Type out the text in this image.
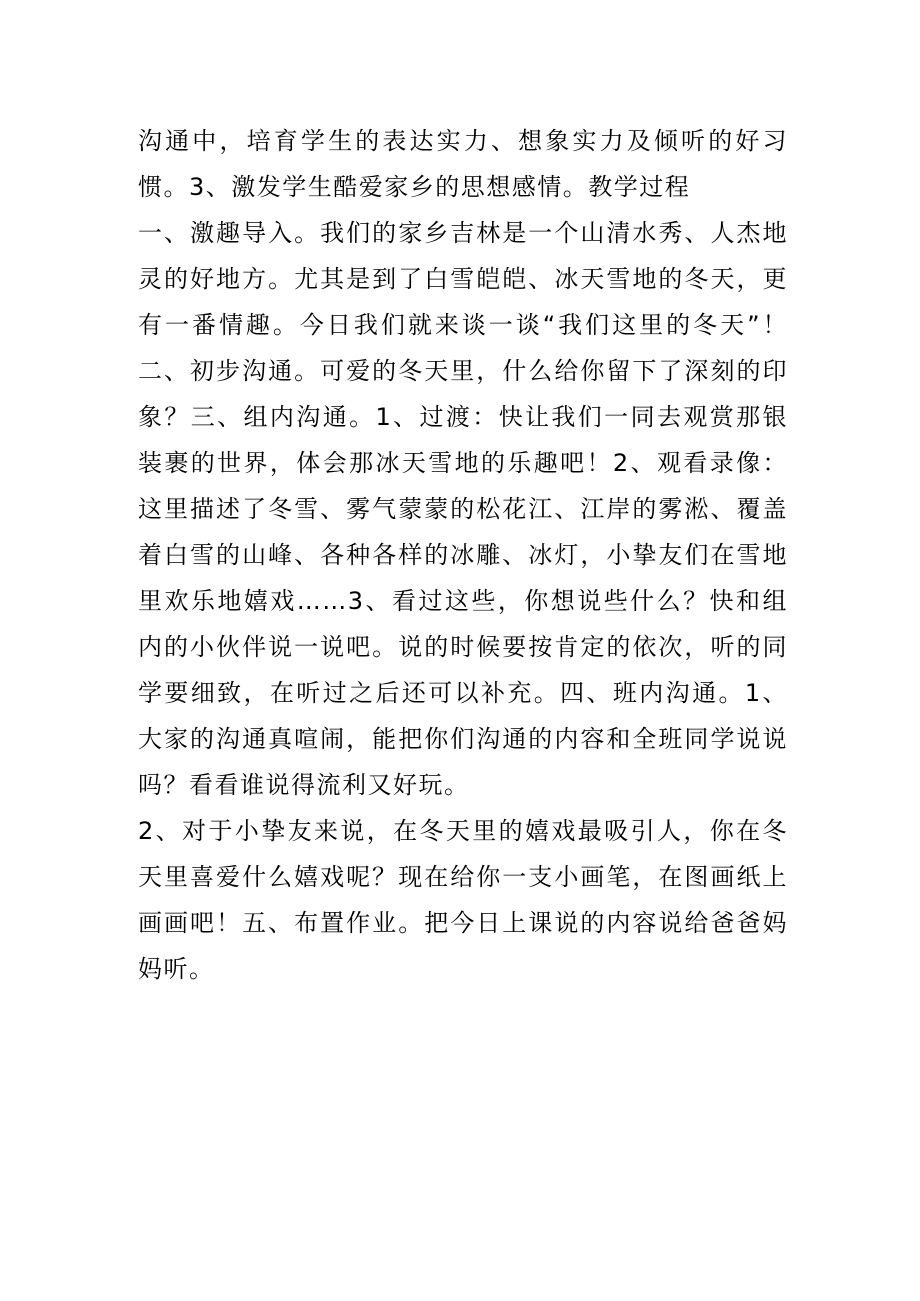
沟通中，培育学生的表达实力、想象实力及倾听的好习惯。3、激发学生酷爱家乡的思想感情。教学过程

一、激趣导入。我们的家乡吉林是一个山清水秀、人杰地灵的好地方。尤其是到了白雪皑皑、冰天雪地的冬天，更有一番情趣。今日我们就来谈一谈“我们这里的冬天”！二、初步沟通。可爱的冬天里，什么给你留下了深刻的印象？三、组内沟通。1、过渡：快让我们一同去观赏那银装裹的世界，体会那冰天雪地的乐趣吧！2、观看录像：这里描述了冬雪、雾气蒙蒙的松花江、江岸的雾淞、覆盖着白雪的山峰、各种各样的冰雕、冰灯，小挚友们在雪地里欢乐地嬉戏……3、看过这些，你想说些什么？快和组内的小伙伴说一说吧。说的时候要按肯定的依次，听的同学要细致，在听过之后还可以补充。四、班内沟通。1、大家的沟通真喧闹，能把你们沟通的内容和全班同学说说吗？看看谁说得流利又好玩。

2、对于小挚友来说，在冬天里的嬉戏最吸引人，你在冬天里喜爱什么嬉戏呢？现在给你一支小画笔，在图画纸上画画吧！五、布置作业。把今日上课说的内容说给爸爸妈妈听。
